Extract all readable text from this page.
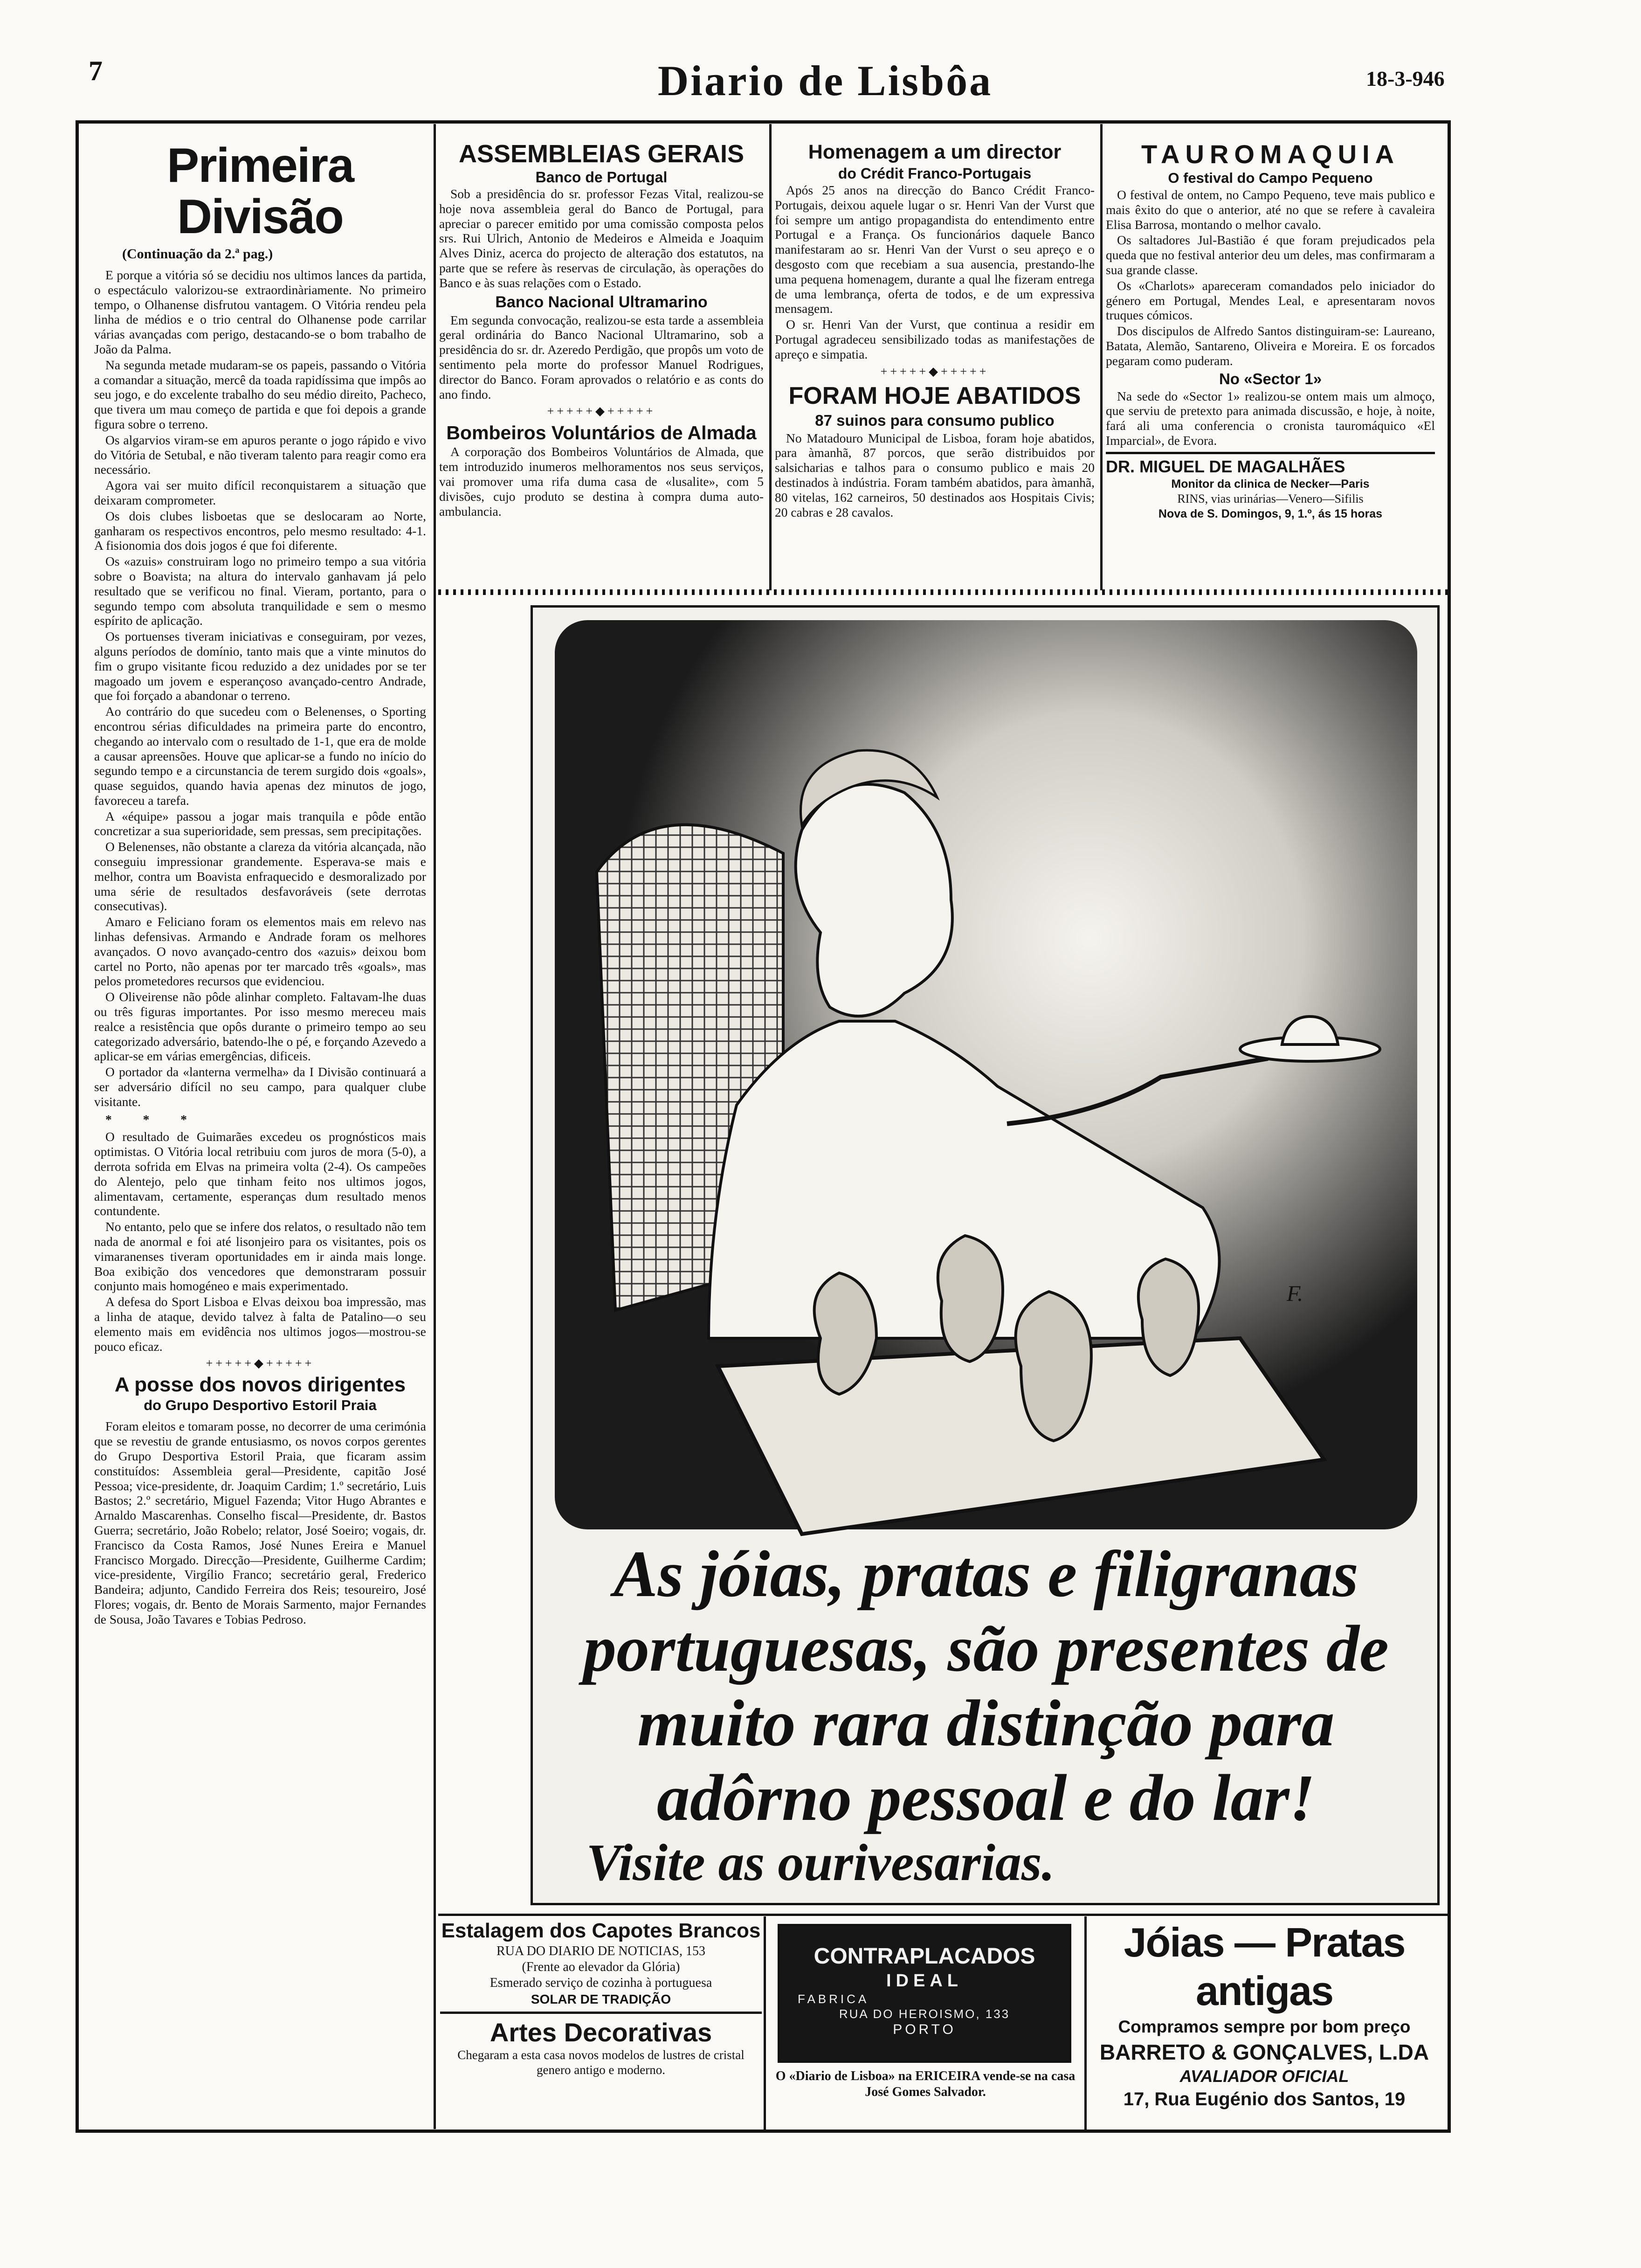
7	Diario de Lisbôa	18-3-946
Primeira Divisão
(Continuação da 2.ª pag.)

E porque a vitória só se decidiu nos ultimos lances da partida, o espectáculo valorizou-se extraordinàriamente. No primeiro tempo, o Olhanense disfrutou vantagem. O Vitória rendeu pela linha de médios e o trio central do Olhanense pode carrilar várias avançadas com perigo, destacando-se o bom trabalho de João da Palma.

Na segunda metade mudaram-se os papeis, passando o Vitória a comandar a situação, mercê da toada rapidíssima que impôs ao seu jogo, e do excelente trabalho do seu médio direito, Pacheco, que tivera um mau começo de partida e que foi depois a grande figura sobre o terreno.

Os algarvios viram-se em apuros perante o jogo rápido e vivo do Vitória de Setubal, e não tiveram talento para reagir como era necessário.

Agora vai ser muito difícil reconquistarem a situação que deixaram comprometer.

Os dois clubes lisboetas que se deslocaram ao Norte, ganharam os respectivos encontros, pelo mesmo resultado: 4-1. A fisionomia dos dois jogos é que foi diferente.

Os «azuis» construiram logo no primeiro tempo a sua vitória sobre o Boavista; na altura do intervalo ganhavam já pelo resultado que se verificou no final. Vieram, portanto, para o segundo tempo com absoluta tranquilidade e sem o mesmo espírito de aplicação.

Os portuenses tiveram iniciativas e conseguiram, por vezes, alguns períodos de domínio, tanto mais que a vinte minutos do fim o grupo visitante ficou reduzido a dez unidades por se ter magoado um jovem e esperançoso avançado-centro Andrade, que foi forçado a abandonar o terreno.

Ao contrário do que sucedeu com o Belenenses, o Sporting encontrou sérias dificuldades na primeira parte do encontro, chegando ao intervalo com o resultado de 1-1, que era de molde a causar apreensões. Houve que aplicar-se a fundo no início do segundo tempo e a circunstancia de terem surgido dois «goals», quase seguidos, quando havia apenas dez minutos de jogo, favoreceu a tarefa.

A «équipe» passou a jogar mais tranquila e pôde então concretizar a sua superioridade, sem pressas, sem precipitações.

O Belenenses, não obstante a clareza da vitória alcançada, não conseguiu impressionar grandemente. Esperava-se mais e melhor, contra um Boavista enfraquecido e desmoralizado por uma série de resultados desfavoráveis (sete derrotas consecutivas).

Amaro e Feliciano foram os elementos mais em relevo nas linhas defensivas. Armando e Andrade foram os melhores avançados. O novo avançado-centro dos «azuis» deixou bom cartel no Porto, não apenas por ter marcado três «goals», mas pelos prometedores recursos que evidenciou.

O Oliveirense não pôde alinhar completo. Faltavam-lhe duas ou três figuras importantes. Por isso mesmo mereceu mais realce a resistência que opôs durante o primeiro tempo ao seu categorizado adversário, batendo-lhe o pé, e forçando Azevedo a aplicar-se em várias emergências, dificeis.

O portador da «lanterna vermelha» da I Divisão continuará a ser adversário difícil no seu campo, para qualquer clube visitante.

* * *

O resultado de Guimarães excedeu os prognósticos mais optimistas. O Vitória local retribuiu com juros de mora (5-0), a derrota sofrida em Elvas na primeira volta (2-4). Os campeões do Alentejo, pelo que tinham feito nos ultimos jogos, alimentavam, certamente, esperanças dum resultado menos contundente.

No entanto, pelo que se infere dos relatos, o resultado não tem nada de anormal e foi até lisonjeiro para os visitantes, pois os vimaranenses tiveram oportunidades em ir ainda mais longe. Boa exibição dos vencedores que demonstraram possuir conjunto mais homogéneo e mais experimentado.

A defesa do Sport Lisboa e Elvas deixou boa impressão, mas a linha de ataque, devido talvez à falta de Patalino—o seu elemento mais em evidência nos ultimos jogos—mostrou-se pouco eficaz.

+++++◆+++++
A posse dos novos dirigentes
do Grupo Desportivo Estoril Praia

Foram eleitos e tomaram posse, no decorrer de uma cerimónia que se revestiu de grande entusiasmo, os novos corpos gerentes do Grupo Desportiva Estoril Praia, que ficaram assim constituídos: Assembleia geral—Presidente, capitão José Pessoa; vice-presidente, dr. Joaquim Cardim; 1.º secretário, Luis Bastos; 2.º secretário, Miguel Fazenda; Vitor Hugo Abrantes e Arnaldo Mascarenhas. Conselho fiscal—Presidente, dr. Bastos Guerra; secretário, João Robelo; relator, José Soeiro; vogais, dr. Francisco da Costa Ramos, José Nunes Ereira e Manuel Francisco Morgado. Direcção—Presidente, Guilherme Cardim; vice-presidente, Virgílio Franco; secretário geral, Frederico Bandeira; adjunto, Candido Ferreira dos Reis; tesoureiro, José Flores; vogais, dr. Bento de Morais Sarmento, major Fernandes de Sousa, João Tavares e Tobias Pedroso.

ASSEMBLEIAS GERAIS
Banco de Portugal

Sob a presidência do sr. professor Fezas Vital, realizou-se hoje nova assembleia geral do Banco de Portugal, para apreciar o parecer emitido por uma comissão composta pelos srs. Rui Ulrich, Antonio de Medeiros e Almeida e Joaquim Alves Diniz, acerca do projecto de alteração dos estatutos, na parte que se refere às reservas de circulação, às operações do Banco e às suas relações com o Estado.

Banco Nacional Ultramarino

Em segunda convocação, realizou-se esta tarde a assembleia geral ordinária do Banco Nacional Ultramarino, sob a presidência do sr. dr. Azeredo Perdigão, que propôs um voto de sentimento pela morte do professor Manuel Rodrigues, director do Banco. Foram aprovados o relatório e as conts do ano findo.

+++++◆+++++
Bombeiros Voluntários de Almada

A corporação dos Bombeiros Voluntários de Almada, que tem introduzido inumeros melhoramentos nos seus serviços, vai promover uma rifa duma casa de «lusalite», com 5 divisões, cujo produto se destina à compra duma auto-ambulancia.

Homenagem a um director
do Crédit Franco-Portugais

Após 25 anos na direcção do Banco Crédit Franco-Portugais, deixou aquele lugar o sr. Henri Van der Vurst que foi sempre um antigo propagandista do entendimento entre Portugal e a França. Os funcionários daquele Banco manifestaram ao sr. Henri Van der Vurst o seu apreço e o desgosto com que recebiam a sua ausencia, prestando-lhe uma pequena homenagem, durante a qual lhe fizeram entrega de uma lembrança, oferta de todos, e de um expressiva mensagem.

O sr. Henri Van der Vurst, que continua a residir em Portugal agradeceu sensibilizado todas as manifestações de apreço e simpatia.

+++++◆+++++
FORAM HOJE ABATIDOS
87 suinos para consumo publico

No Matadouro Municipal de Lisboa, foram hoje abatidos, para àmanhã, 87 porcos, que serão distribuidos por salsicharias e talhos para o consumo publico e mais 20 destinados à indústria. Foram também abatidos, para àmanhã, 80 vitelas, 162 carneiros, 50 destinados aos Hospitais Civis; 20 cabras e 28 cavalos.

TAUROMAQUIA
O festival do Campo Pequeno

O festival de ontem, no Campo Pequeno, teve mais publico e mais êxito do que o anterior, até no que se refere à cavaleira Elisa Barrosa, montando o melhor cavalo.

Os saltadores Jul-Bastião é que foram prejudicados pela queda que no festival anterior deu um deles, mas confirmaram a sua grande classe.

Os «Charlots» apareceram comandados pelo iniciador do género em Portugal, Mendes Leal, e apresentaram novos truques cómicos.

Dos discipulos de Alfredo Santos distinguiram-se: Laureano, Batata, Alemão, Santareno, Oliveira e Moreira. E os forcados pegaram como puderam.

No «Sector 1»

Na sede do «Sector 1» realizou-se ontem mais um almoço, que serviu de pretexto para animada discussão, e hoje, à noite, fará ali uma conferencia o cronista tauromáquico «El Imparcial», de Evora.

DR. MIGUEL DE MAGALHÃES
Monitor da clinica de Necker—Paris
RINS, vias urinárias—Venero—Sifilis
Nova de S. Domingos, 9, 1.º, ás 15 horas
F.
As jóias, pratas e filigranas
portuguesas, são presentes de
muito rara distinção para
adôrno pessoal e do lar!
Visite as ourivesarias.
Estalagem dos Capotes Brancos
RUA DO DIARIO DE NOTICIAS, 153
(Frente ao elevador da Glória)
Esmerado serviço de cozinha à portuguesa
SOLAR DE TRADIÇÃO
Artes Decorativas

Chegaram a esta casa novos modelos de lustres de cristal genero antigo e moderno.

CONTRAPLACADOS
IDEAL
FABRICA
RUA DO HEROISMO, 133
PORTO
O «Diario de Lisboa» na ERICEIRA vende-se na casa José Gomes Salvador.
Jóias — Pratas antigas
Compramos sempre por bom preço
BARRETO & GONÇALVES, L.DA
AVALIADOR OFICIAL
17, Rua Eugénio dos Santos, 19
